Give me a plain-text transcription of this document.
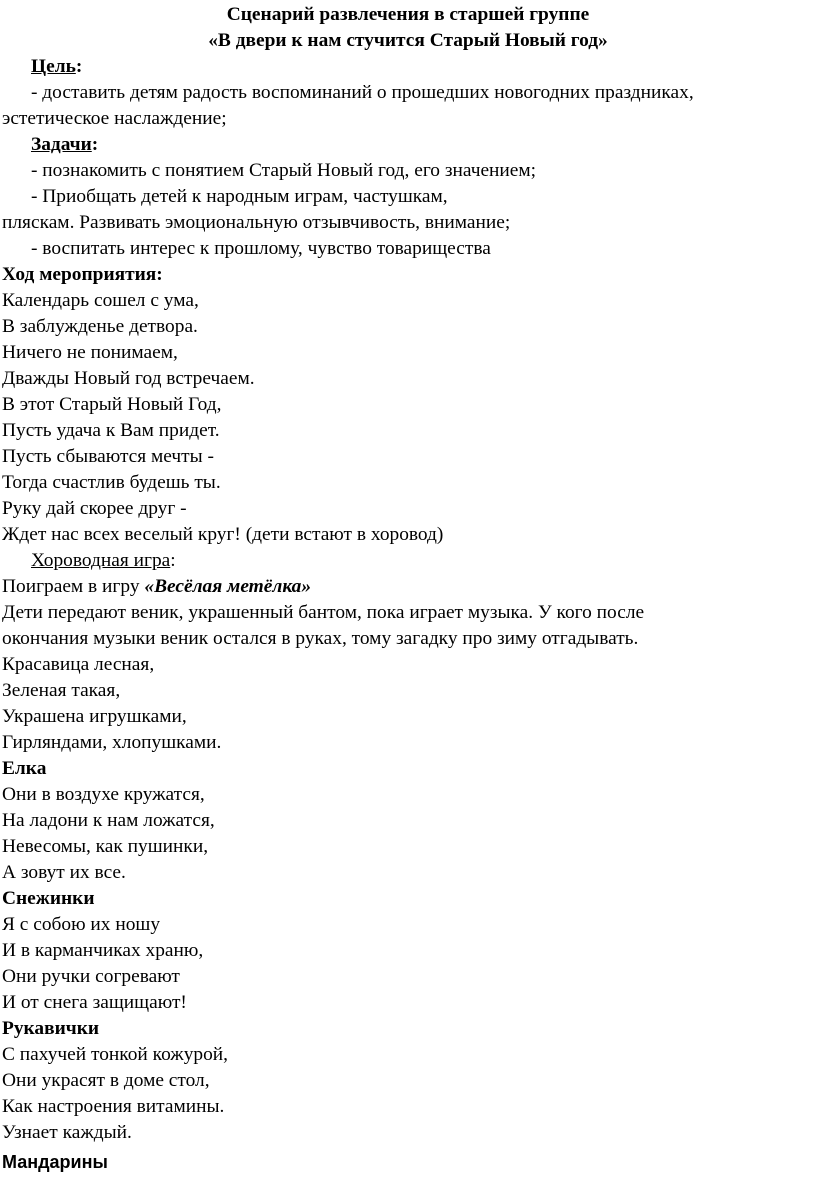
Сценарий развлечения в старшей группе
«В двери к нам стучится Старый Новый год»
Цель:
- доставить детям радость воспоминаний о прошедших новогодних праздниках,
эстетическое наслаждение;
Задачи:
- познакомить с понятием Старый Новый год, его значением;
- Приобщать детей к народным играм, частушкам,
пляскам. Развивать эмоциональную отзывчивость, внимание;
- воспитать интерес к прошлому, чувство товарищества
Ход мероприятия:
Календарь сошел с ума,
В заблужденье детвора.
Ничего не понимаем,
Дважды Новый год встречаем.
В этот Старый Новый Год,
Пусть удача к Вам придет.
Пусть сбываются мечты -
Тогда счастлив будешь ты.
Руку дай скорее друг -
Ждет нас всех веселый круг! (дети встают в хоровод)
Хороводная игра:
Поиграем в игру «Весёлая метёлка»
Дети передают веник, украшенный бантом, пока играет музыка. У кого после
окончания музыки веник остался в руках, тому загадку про зиму отгадывать.
Красавица лесная,
Зеленая такая,
Украшена игрушками,
Гирляндами, хлопушками.
Елка
Они в воздухе кружатся,
На ладони к нам ложатся,
Невесомы, как пушинки,
А зовут их все.
Снежинки
Я с собою их ношу
И в карманчиках храню,
Они ручки согревают
И от снега защищают!
Рукавички
С пахучей тонкой кожурой,
Они украсят в доме стол,
Как настроения витамины.
Узнает каждый.
Мандарины
